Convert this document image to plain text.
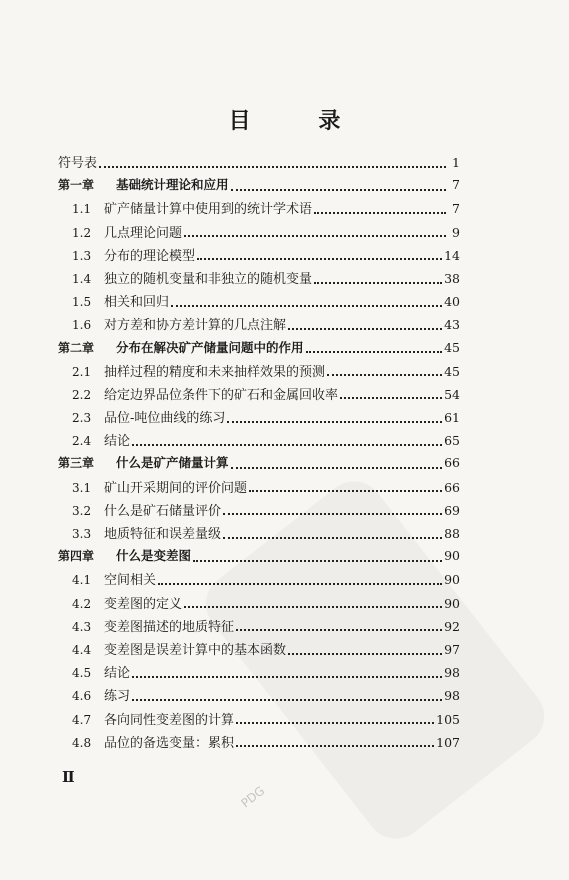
PDG
目 录
符号表	1
第一章	基础统计理论和应用	7
1.1 矿产储量计算中使用到的统计学术语	7
1.2 几点理论问题	9
1.3 分布的理论模型	14
1.4 独立的随机变量和非独立的随机变量	38
1.5 相关和回归	40
1.6 对方差和协方差计算的几点注解	43
第二章	分布在解决矿产储量问题中的作用	45
2.1 抽样过程的精度和未来抽样效果的预测	45
2.2 给定边界品位条件下的矿石和金属回收率	54
2.3 品位-吨位曲线的练习	61
2.4 结论	65
第三章	什么是矿产储量计算	66
3.1 矿山开采期间的评价问题	66
3.2 什么是矿石储量评价	69
3.3 地质特征和误差量级	88
第四章	什么是变差图	90
4.1 空间相关	90
4.2 变差图的定义	90
4.3 变差图描述的地质特征	92
4.4 变差图是误差计算中的基本函数	97
4.5 结论	98
4.6 练习	98
4.7 各向同性变差图的计算	105
4.8 品位的备选变量：累积	107
Ⅱ
